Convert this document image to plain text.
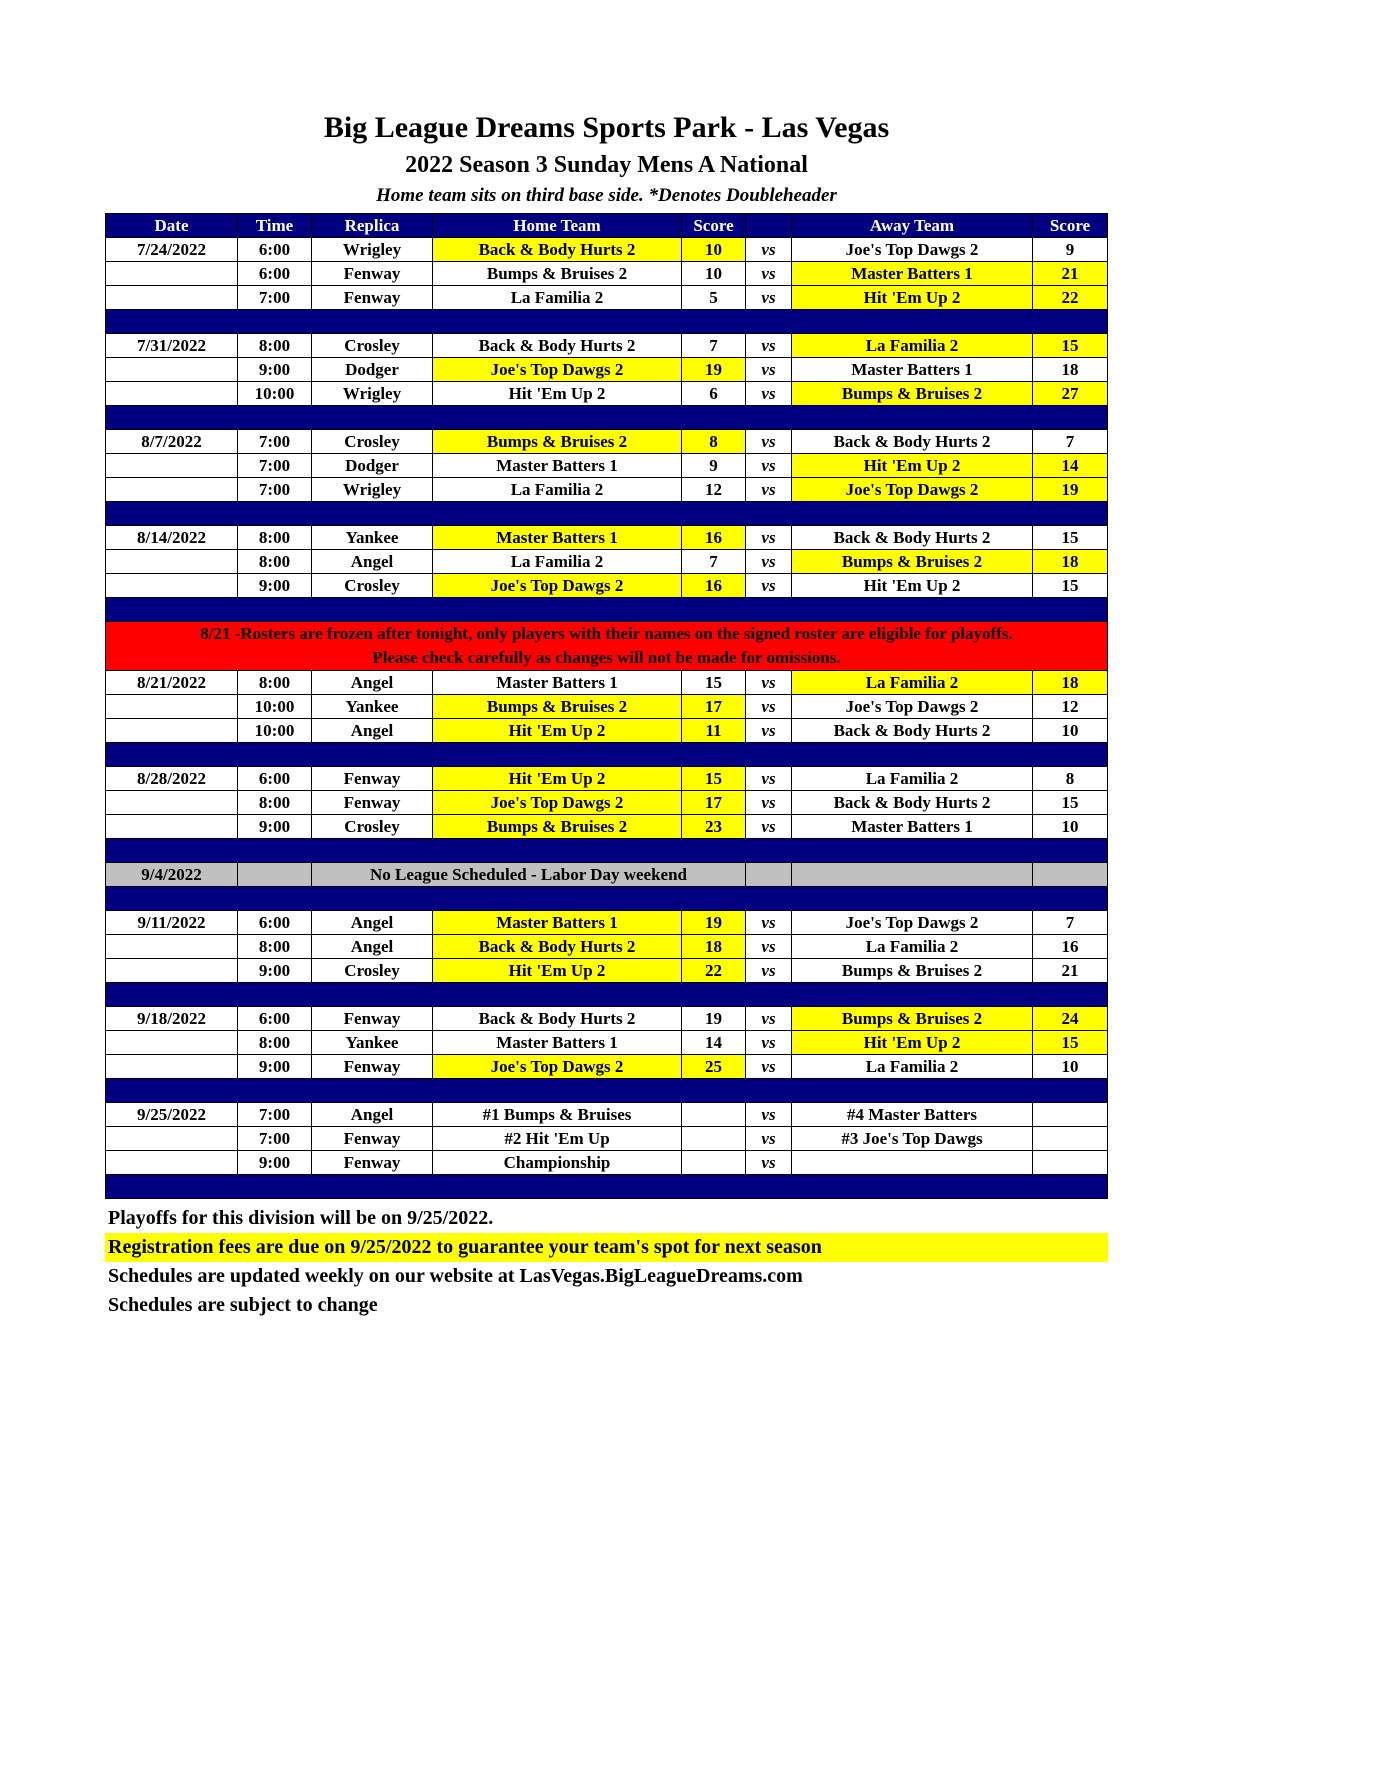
Big League Dreams Sports Park - Las Vegas
2022 Season 3 Sunday Mens A National
Home team sits on third base side. *Denotes Doubleheader
Date	Time	Replica	Home Team	Score		Away Team	Score
7/24/2022	6:00	Wrigley	Back & Body Hurts 2	10	vs	Joe's Top Dawgs 2	9
	6:00	Fenway	Bumps & Bruises 2	10	vs	Master Batters 1	21
	7:00	Fenway	La Familia 2	5	vs	Hit 'Em Up 2	22

7/31/2022	8:00	Crosley	Back & Body Hurts 2	7	vs	La Familia 2	15
	9:00	Dodger	Joe's Top Dawgs 2	19	vs	Master Batters 1	18
	10:00	Wrigley	Hit 'Em Up 2	6	vs	Bumps & Bruises 2	27

8/7/2022	7:00	Crosley	Bumps & Bruises 2	8	vs	Back & Body Hurts 2	7
	7:00	Dodger	Master Batters 1	9	vs	Hit 'Em Up 2	14
	7:00	Wrigley	La Familia 2	12	vs	Joe's Top Dawgs 2	19

8/14/2022	8:00	Yankee	Master Batters 1	16	vs	Back & Body Hurts 2	15
	8:00	Angel	La Familia 2	7	vs	Bumps & Bruises 2	18
	9:00	Crosley	Joe's Top Dawgs 2	16	vs	Hit 'Em Up 2	15

8/21 -Rosters are frozen after tonight, only players with their names on the signed roster are eligible for playoffs.
Please check carefully as changes will not be made for omissions.							

8/21/2022	8:00	Angel	Master Batters 1	15	vs	La Familia 2	18
	10:00	Yankee	Bumps & Bruises 2	17	vs	Joe's Top Dawgs 2	12
	10:00	Angel	Hit 'Em Up 2	11	vs	Back & Body Hurts 2	10

8/28/2022	6:00	Fenway	Hit 'Em Up 2	15	vs	La Familia 2	8
	8:00	Fenway	Joe's Top Dawgs 2	17	vs	Back & Body Hurts 2	15
	9:00	Crosley	Bumps & Bruises 2	23	vs	Master Batters 1	10

9/4/2022		No League Scheduled - Labor Day weekend					

9/11/2022	6:00	Angel	Master Batters 1	19	vs	Joe's Top Dawgs 2	7
	8:00	Angel	Back & Body Hurts 2	18	vs	La Familia 2	16
	9:00	Crosley	Hit 'Em Up 2	22	vs	Bumps & Bruises 2	21

9/18/2022	6:00	Fenway	Back & Body Hurts 2	19	vs	Bumps & Bruises 2	24
	8:00	Yankee	Master Batters 1	14	vs	Hit 'Em Up 2	15
	9:00	Fenway	Joe's Top Dawgs 2	25	vs	La Familia 2	10

9/25/2022	7:00	Angel	#1 Bumps & Bruises		vs	#4 Master Batters	
	7:00	Fenway	#2 Hit 'Em Up		vs	#3 Joe's Top Dawgs	
	9:00	Fenway	Championship		vs		

Playoffs for this division will be on 9/25/2022.
Registration fees are due on 9/25/2022 to guarantee your team's spot for next season
Schedules are updated weekly on our website at LasVegas.BigLeagueDreams.com
Schedules are subject to change
